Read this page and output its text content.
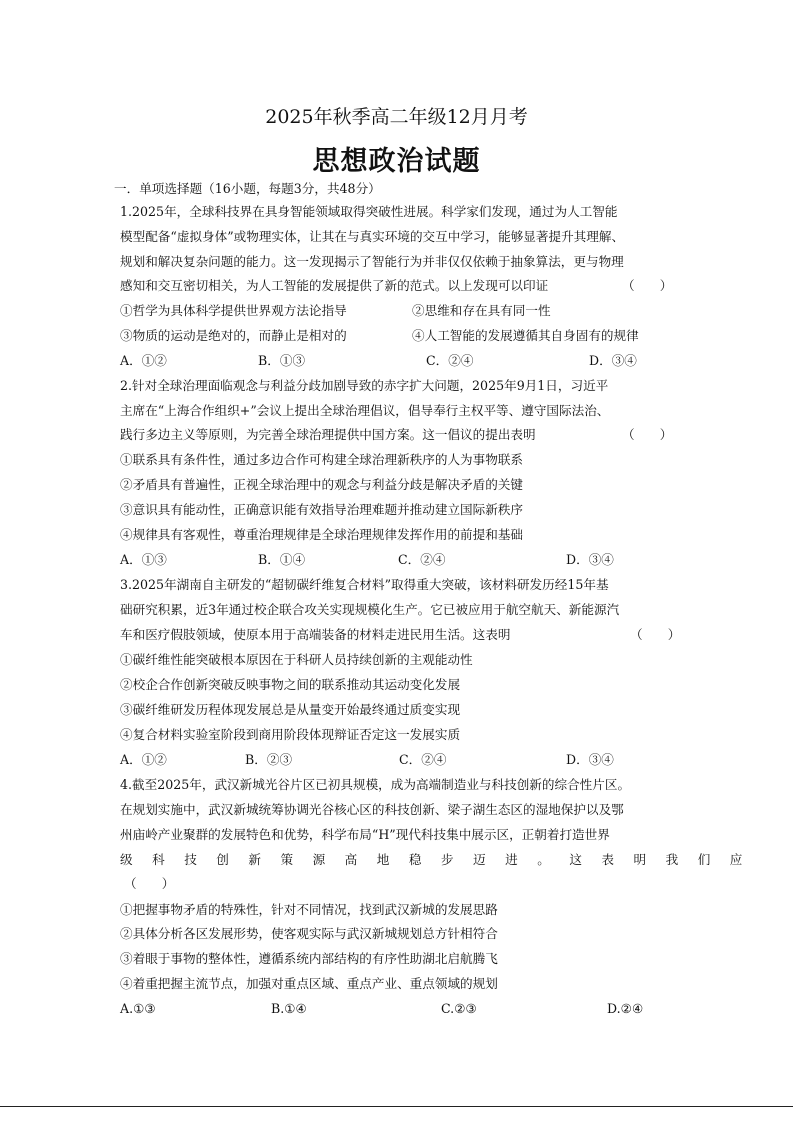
2025年秋季高二年级12月月考
思想政治试题
一．单项选择题（16小题，每题3分，共48分）
1.2025年，全球科技界在具身智能领域取得突破性进展。科学家们发现，通过为人工智能
模型配备“虚拟身体”或物理实体，让其在与真实环境的交互中学习，能够显著提升其理解、
规划和解决复杂问题的能力。这一发现揭示了智能行为并非仅仅依赖于抽象算法，更与物理
感知和交互密切相关，为人工智能的发展提供了新的范式。以上发现可以印证	（　　）
①哲学为具体科学提供世界观方法论指导	②思维和存在具有同一性
③物质的运动是绝对的，而静止是相对的	④人工智能的发展遵循其自身固有的规律
A．①②	B．①③	C．②④	D．③④
2.针对全球治理面临观念与利益分歧加剧导致的赤字扩大问题，2025年9月1日，习近平
主席在“上海合作组织+”会议上提出全球治理倡议，倡导奉行主权平等、遵守国际法治、
践行多边主义等原则，为完善全球治理提供中国方案。这一倡议的提出表明	（　　）
①联系具有条件性，通过多边合作可构建全球治理新秩序的人为事物联系
②矛盾具有普遍性，正视全球治理中的观念与利益分歧是解决矛盾的关键
③意识具有能动性，正确意识能有效指导治理难题并推动建立国际新秩序
④规律具有客观性，尊重治理规律是全球治理规律发挥作用的前提和基础
A．①③	B．①④	C．②④	D．③④
3.2025年湖南自主研发的“超韧碳纤维复合材料”取得重大突破，该材料研发历经15年基
础研究积累，近3年通过校企联合攻关实现规模化生产。它已被应用于航空航天、新能源汽
车和医疗假肢领域，使原本用于高端装备的材料走进民用生活。这表明	（　　）
①碳纤维性能突破根本原因在于科研人员持续创新的主观能动性
②校企合作创新突破反映事物之间的联系推动其运动变化发展
③碳纤维研发历程体现发展总是从量变开始最终通过质变实现
④复合材料实验室阶段到商用阶段体现辩证否定这一发展实质
A．①②	B．②③	C．②④	D．③④
4.截至2025年，武汉新城光谷片区已初具规模，成为高端制造业与科技创新的综合性片区。
在规划实施中，武汉新城统筹协调光谷核心区的科技创新、梁子湖生态区的湿地保护以及鄂
州庙岭产业聚群的发展特色和优势，科学布局“H”现代科技集中展示区，正朝着打造世界
级科技创新策源高地稳步迈进。这表明我们应
（　　）
①把握事物矛盾的特殊性，针对不同情况，找到武汉新城的发展思路
②具体分析各区发展形势，使客观实际与武汉新城规划总方针相符合
③着眼于事物的整体性，遵循系统内部结构的有序性助湖北启航腾飞
④着重把握主流节点，加强对重点区域、重点产业、重点领域的规划
A.①③	B.①④	C.②③	D.②④
